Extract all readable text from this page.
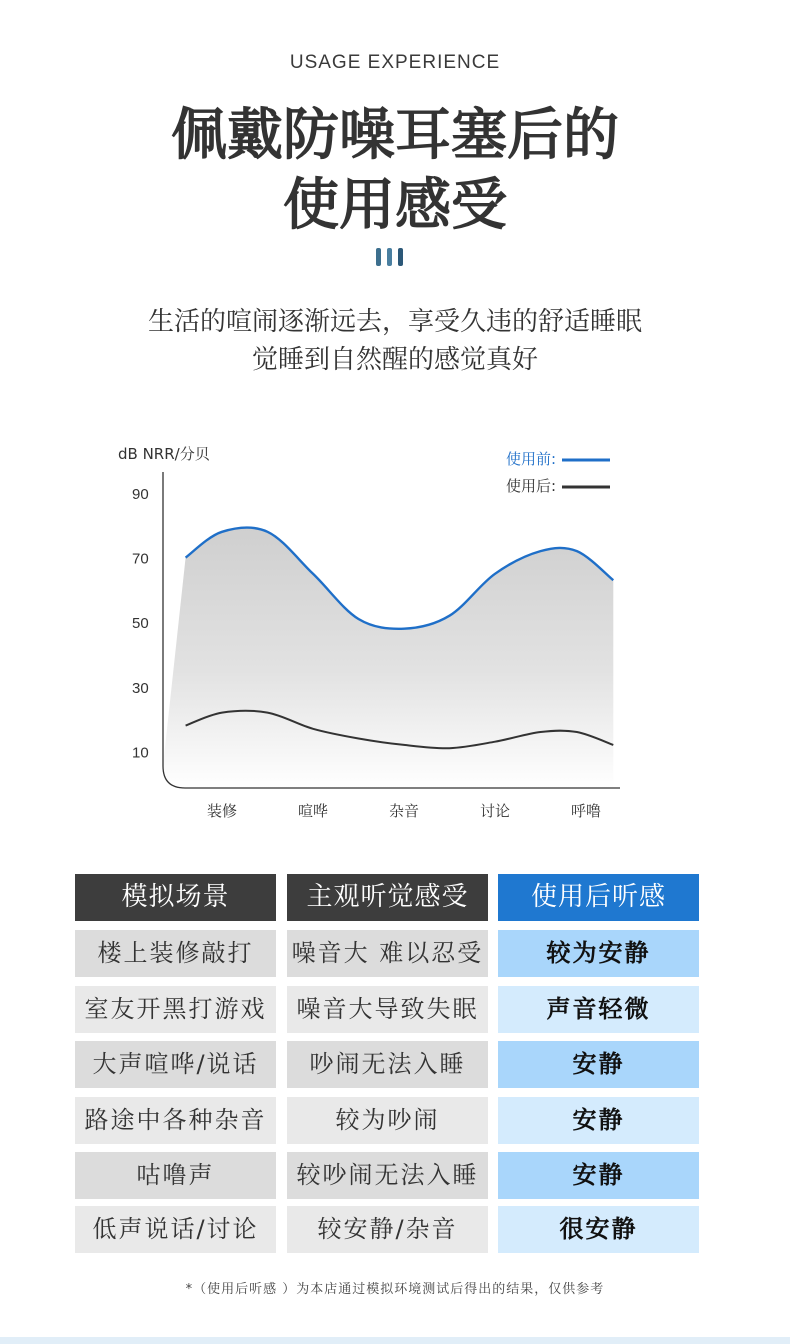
USAGE EXPERIENCE
佩戴防噪耳塞后的
使用感受
生活的喧闹逐渐远去，享受久违的舒适睡眠
觉睡到自然醒的感觉真好
dB NRR/分贝
90
70
50
30
10
装修	喧哗	杂音	讨论	呼噜
使用前:
使用后:
模拟场景	主观听觉感受	使用后听感
楼上装修敲打	噪音大 难以忍受	较为安静
室友开黑打游戏	噪音大导致失眠	声音轻微
大声喧哗/说话	吵闹无法入睡	安静
路途中各种杂音	较为吵闹	安静
咕噜声	较吵闹无法入睡	安静
低声说话/讨论	较安静/杂音	很安静
*（使用后听感 ）为本店通过模拟环境测试后得出的结果，仅供参考
